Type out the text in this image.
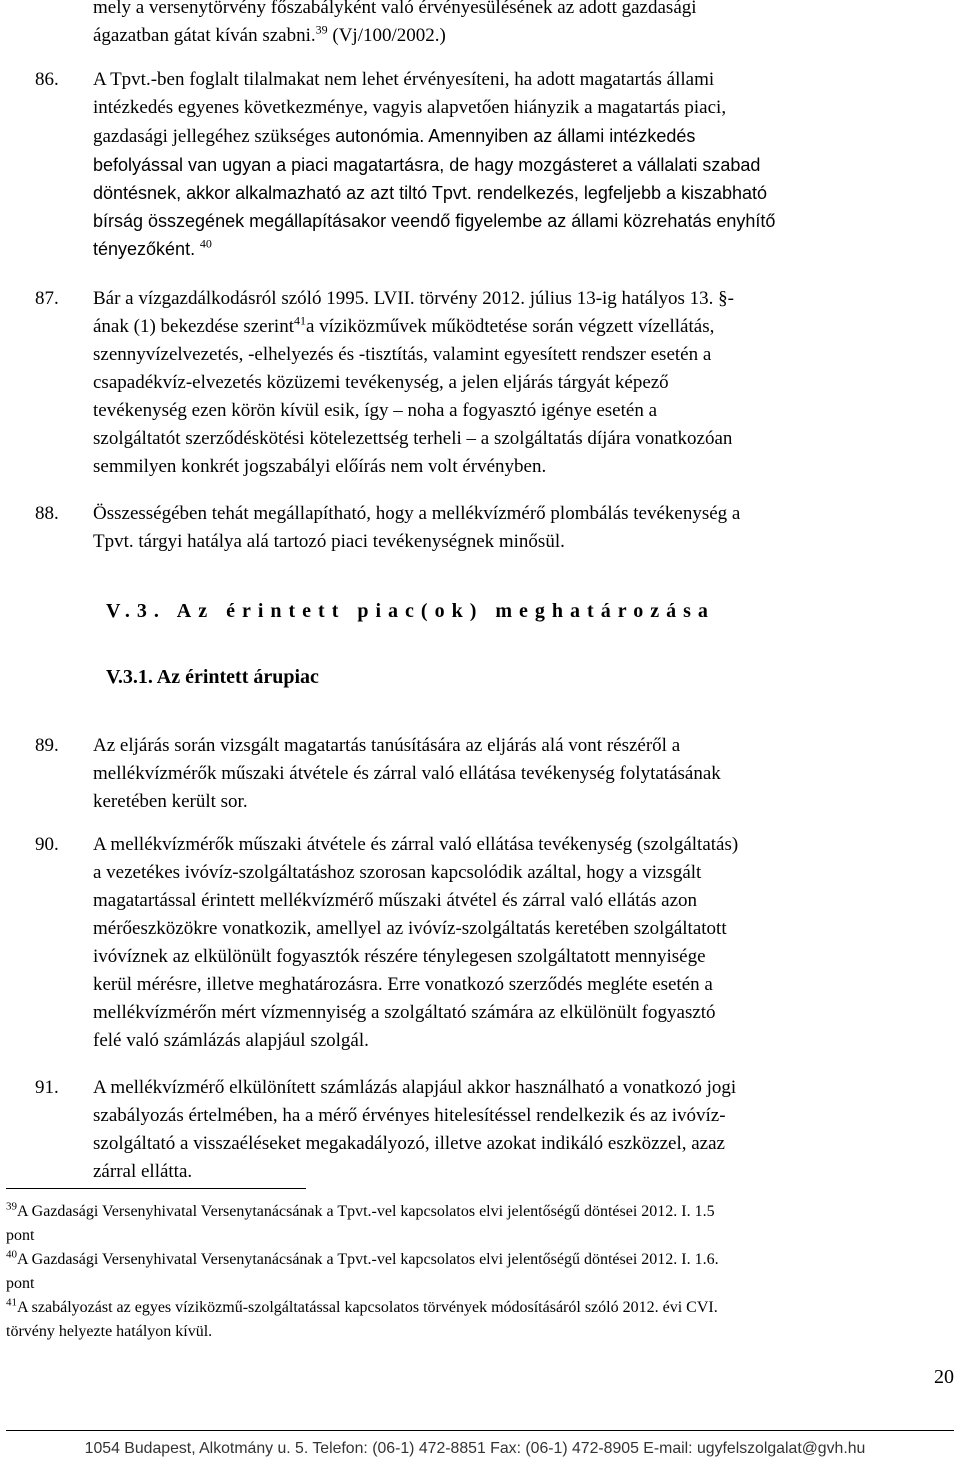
mely a versenytörvény főszabályként való érvényesülésének az adott gazdasági
ágazatban gátat kíván szabni.$^{39}$ (Vj/100/2002.)
86. A Tpvt.-ben foglalt tilalmakat nem lehet érvényesíteni, ha adott magatartás állami
intézkedés egyenes következménye, vagyis alapvetően hiányzik a magatartás piaci,
gazdasági jellegéhez szükséges autonómia. Amennyiben az állami intézkedés
befolyással van ugyan a piaci magatartásra, de hagy mozgásteret a vállalati szabad
döntésnek, akkor alkalmazható az azt tiltó Tpvt. rendelkezés, legfeljebb a kiszabható
bírság összegének megállapításakor veendő figyelembe az állami közrehatás enyhítő
tényezőként. $^{40}$
87. Bár a vízgazdálkodásról szóló 1995. LVII. törvény 2012. július 13-ig hatályos 13. §-
ának (1) bekezdése szerint$^{41}$a víziközművek működtetése során végzett vízellátás,
szennyvízelvezetés, -elhelyezés és -tisztítás, valamint egyesített rendszer esetén a
csapadékvíz-elvezetés közüzemi tevékenység, a jelen eljárás tárgyát képező
tevékenység ezen körön kívül esik, így – noha a fogyasztó igénye esetén a
szolgáltatót szerződéskötési kötelezettség terheli – a szolgáltatás díjára vonatkozóan
semmilyen konkrét jogszabályi előírás nem volt érvényben.
88. Összességében tehát megállapítható, hogy a mellékvízmérő plombálás tevékenység a
Tpvt. tárgyi hatálya alá tartozó piaci tevékenységnek minősül.
V.3. Az érintett piac(ok) meghatározása
V.3.1. Az érintett árupiac
89. Az eljárás során vizsgált magatartás tanúsítására az eljárás alá vont részéről a
mellékvízmérők műszaki átvétele és zárral való ellátása tevékenység folytatásának
keretében került sor.
90. A mellékvízmérők műszaki átvétele és zárral való ellátása tevékenység (szolgáltatás)
a vezetékes ivóvíz-szolgáltatáshoz szorosan kapcsolódik azáltal, hogy a vizsgált
magatartással érintett mellékvízmérő műszaki átvétel és zárral való ellátás azon
mérőeszközökre vonatkozik, amellyel az ivóvíz-szolgáltatás keretében szolgáltatott
ivóvíznek az elkülönült fogyasztók részére ténylegesen szolgáltatott mennyisége
kerül mérésre, illetve meghatározásra. Erre vonatkozó szerződés megléte esetén a
mellékvízmérőn mért vízmennyiség a szolgáltató számára az elkülönült fogyasztó
felé való számlázás alapjául szolgál.
91. A mellékvízmérő elkülönített számlázás alapjául akkor használható a vonatkozó jogi
szabályozás értelmében, ha a mérő érvényes hitelesítéssel rendelkezik és az ivóvíz-
szolgáltató a visszaéléseket megakadályozó, illetve azokat indikáló eszközzel, azaz
zárral ellátta.
$^{39}$A Gazdasági Versenyhivatal Versenytanácsának a Tpvt.-vel kapcsolatos elvi jelentőségű döntései 2012. I. 1.5
pont
$^{40}$A Gazdasági Versenyhivatal Versenytanácsának a Tpvt.-vel kapcsolatos elvi jelentőségű döntései 2012. I. 1.6.
pont
$^{41}$A szabályozást az egyes víziközmű-szolgáltatással kapcsolatos törvények módosításáról szóló 2012. évi CVI.
törvény helyezte hatályon kívül.
20
1054 Budapest, Alkotmány u. 5. Telefon: (06-1) 472-8851 Fax: (06-1) 472-8905 E-mail: ugyfelszolgalat@gvh.hu
